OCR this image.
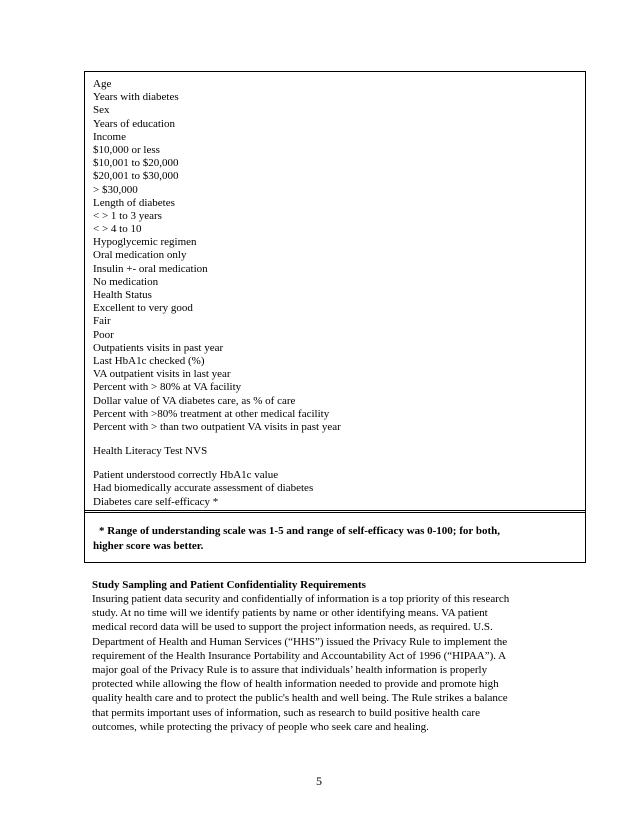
Age
Years with diabetes
Sex
Years of education
Income
$10,000 or less
$10,001 to $20,000
$20,001 to $30,000
> $30,000
Length of diabetes
< > 1 to 3 years
< > 4 to 10
Hypoglycemic regimen
Oral medication only
Insulin +- oral medication
No medication
Health Status
Excellent to very good
Fair
Poor
Outpatients visits in past year
Last HbA1c checked (%)
VA outpatient visits in last year
Percent with > 80% at VA facility
Dollar value of VA diabetes care, as % of care
Percent with >80% treatment at other medical facility
Percent with > than two outpatient VA visits in past year
Health Literacy Test NVS
Patient understood correctly HbA1c value
Had biomedically accurate assessment of diabetes
Diabetes care self-efficacy *
* Range of understanding scale was 1-5 and range of self-efficacy was 0-100; for both,
higher score was better.
Study Sampling and Patient Confidentiality Requirements
Insuring patient data security and confidentially of information is a top priority of this research
study. At no time will we identify patients by name or other identifying means. VA patient
medical record data will be used to support the project information needs, as required. U.S.
Department of Health and Human Services (“HHS”) issued the Privacy Rule to implement the
requirement of the Health Insurance Portability and Accountability Act of 1996 (“HIPAA”). A
major goal of the Privacy Rule is to assure that individuals’ health information is properly
protected while allowing the flow of health information needed to provide and promote high
quality health care and to protect the public's health and well being. The Rule strikes a balance
that permits important uses of information, such as research to build positive health care
outcomes, while protecting the privacy of people who seek care and healing.
5
